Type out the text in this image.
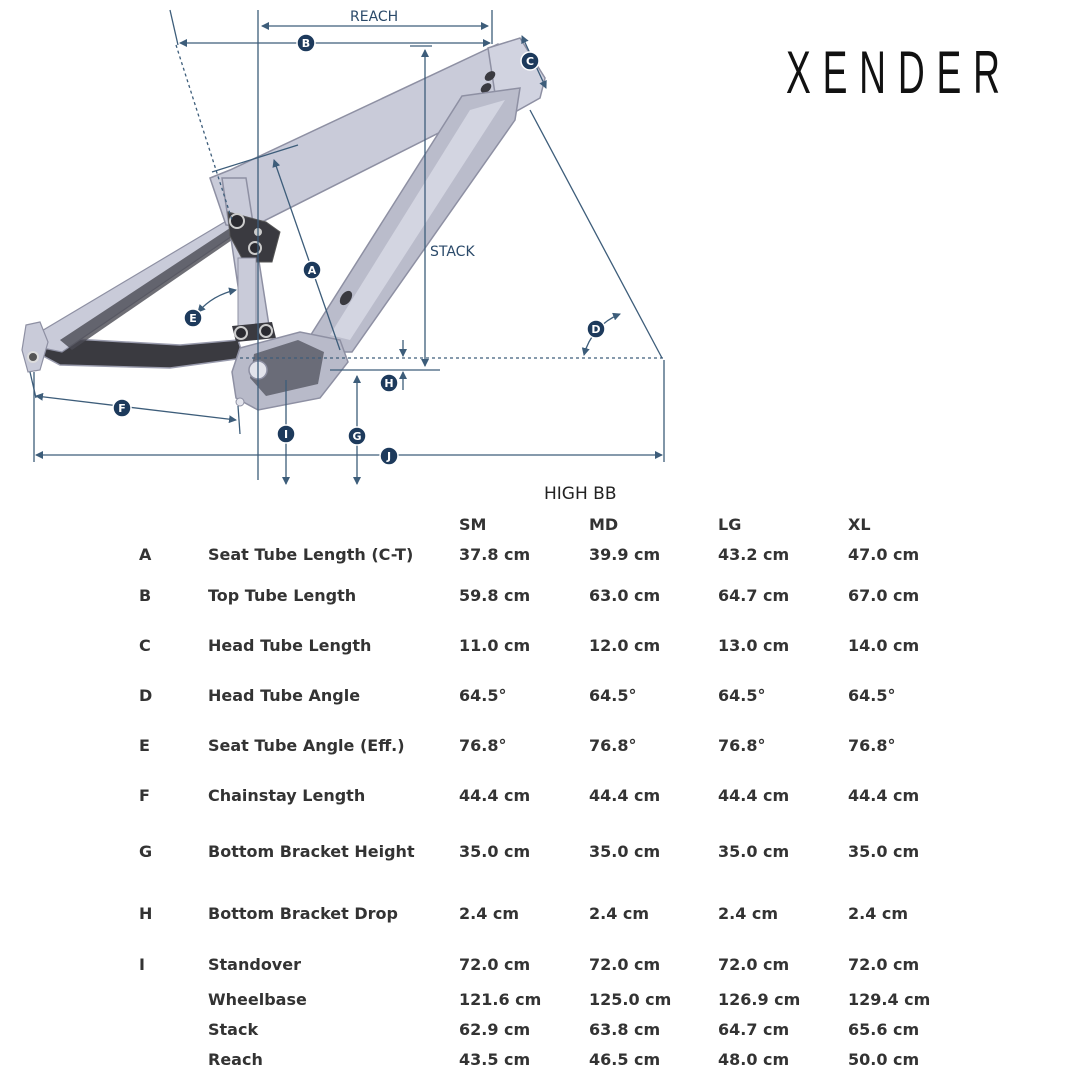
REACH
STACK
A
B
C
D
E
F
G
H
I
J
XENDER
HIGH BB
		SM	MD	LG	XL
A	Seat Tube Length (C-T)	37.8 cm	39.9 cm	43.2 cm	47.0 cm
B	Top Tube Length	59.8 cm	63.0 cm	64.7 cm	67.0 cm
C	Head Tube Length	11.0 cm	12.0 cm	13.0 cm	14.0 cm
D	Head Tube Angle	64.5°	64.5°	64.5°	64.5°
E	Seat Tube Angle (Eff.)	76.8°	76.8°	76.8°	76.8°
F	Chainstay Length	44.4 cm	44.4 cm	44.4 cm	44.4 cm
G	Bottom Bracket Height	35.0 cm	35.0 cm	35.0 cm	35.0 cm
H	Bottom Bracket Drop	2.4 cm	2.4 cm	2.4 cm	2.4 cm
I	Standover	72.0 cm	72.0 cm	72.0 cm	72.0 cm
	Wheelbase	121.6 cm	125.0 cm	126.9 cm	129.4 cm
	Stack	62.9 cm	63.8 cm	64.7 cm	65.6 cm
	Reach	43.5 cm	46.5 cm	48.0 cm	50.0 cm
